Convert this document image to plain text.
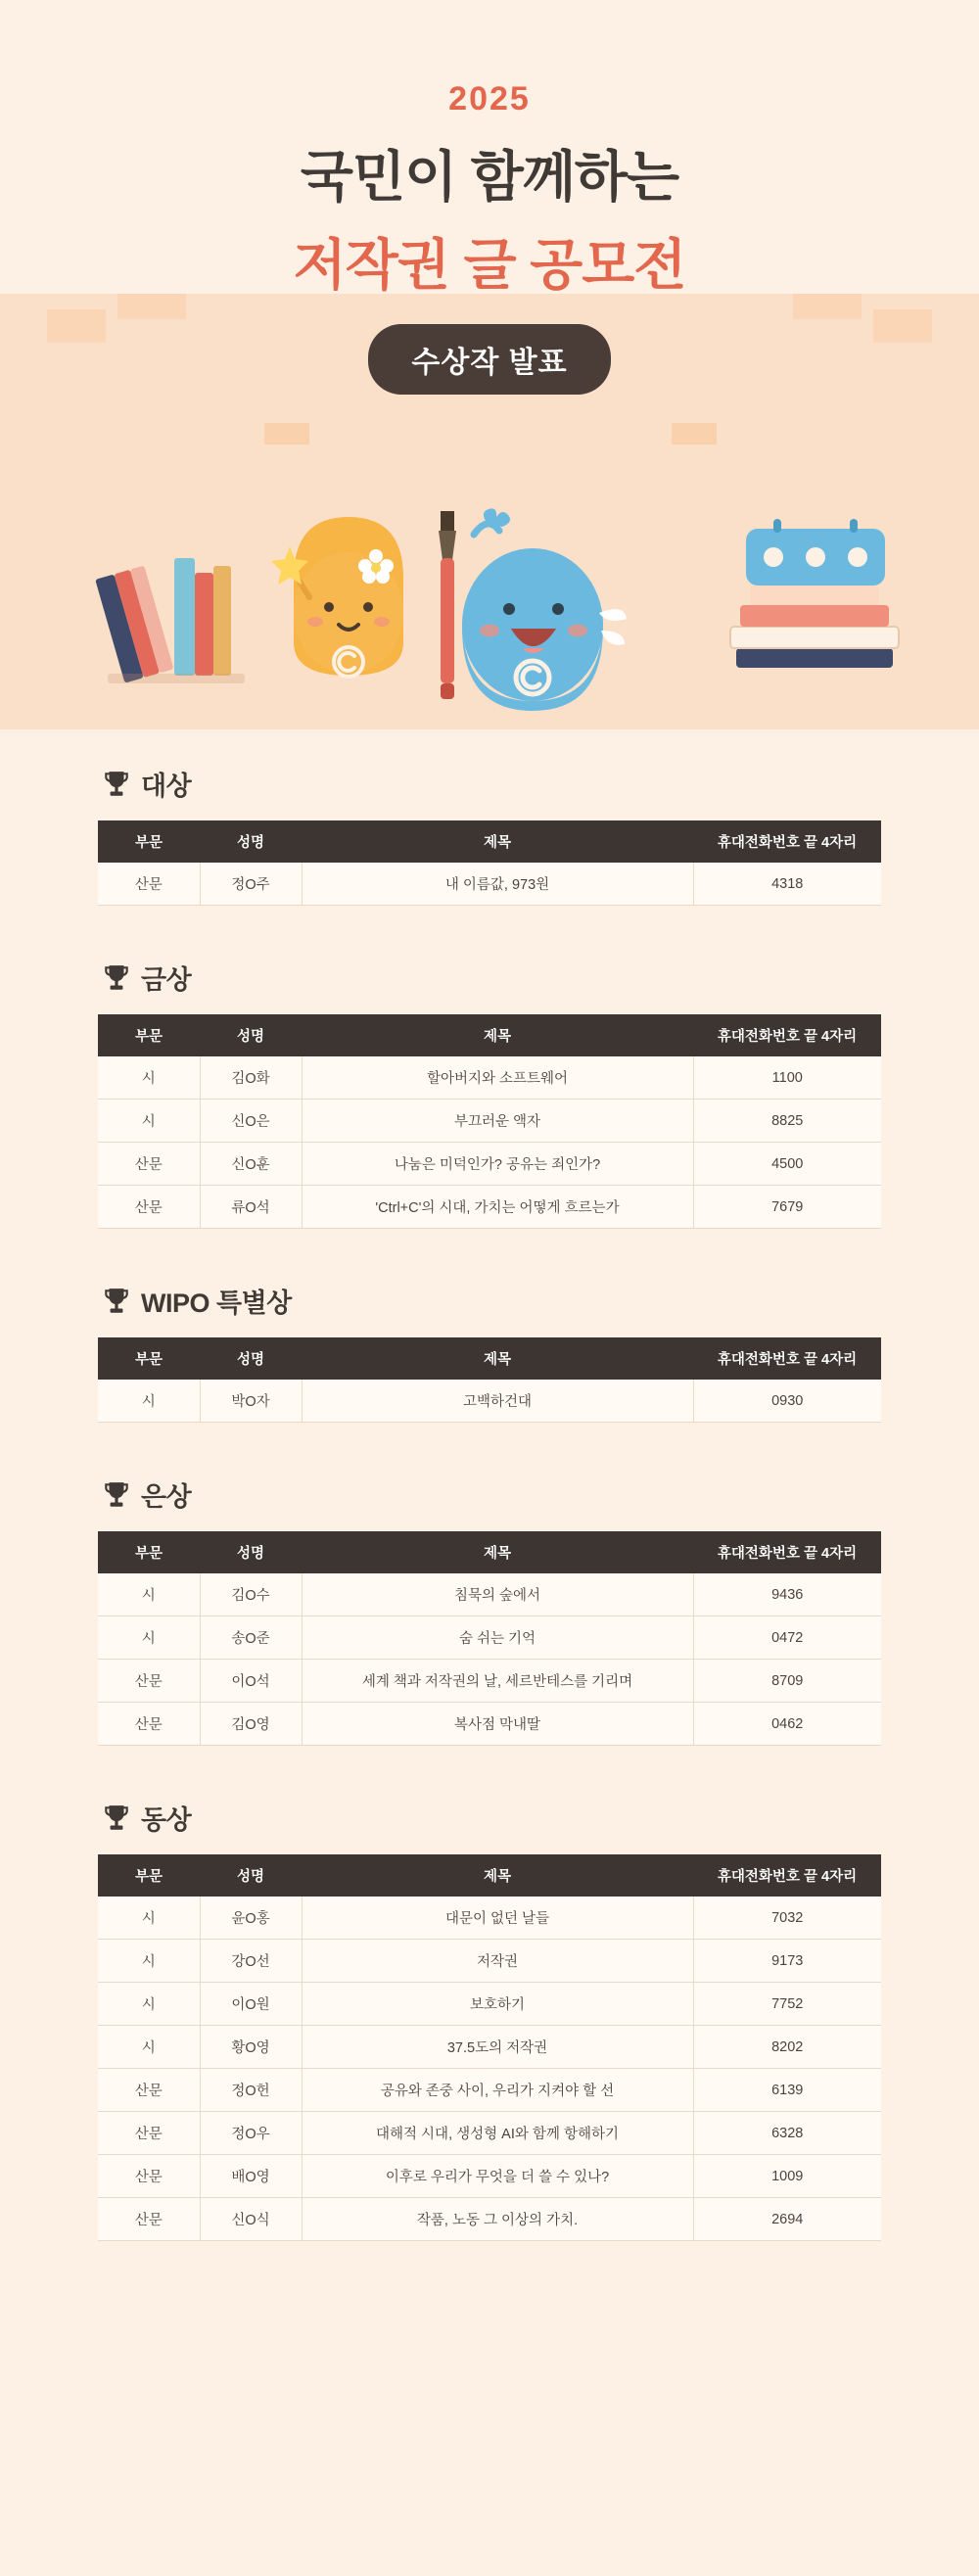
2025
국민이 함께하는
저작권 글 공모전
수상작 발표
대상
부문	성명	제목	휴대전화번호 끝 4자리
산문	정O주	내 이름값, 973원	4318
금상
부문	성명	제목	휴대전화번호 끝 4자리
시	김O화	할아버지와 소프트웨어	1100
시	신O은	부끄러운 액자	8825
산문	신O훈	나눔은 미덕인가? 공유는 죄인가?	4500
산문	류O석	'Ctrl+C'의 시대, 가치는 어떻게 흐르는가	7679
WIPO 특별상
부문	성명	제목	휴대전화번호 끝 4자리
시	박O자	고백하건대	0930
은상
부문	성명	제목	휴대전화번호 끝 4자리
시	김O수	침묵의 숲에서	9436
시	송O준	숨 쉬는 기억	0472
산문	이O석	세계 책과 저작권의 날, 세르반테스를 기리며	8709
산문	김O영	복사점 막내딸	0462
동상
부문	성명	제목	휴대전화번호 끝 4자리
시	윤O홍	대문이 없던 날들	7032
시	강O선	저작권	9173
시	이O원	보호하기	7752
시	황O영	37.5도의 저작권	8202
산문	정O헌	공유와 존중 사이, 우리가 지켜야 할 선	6139
산문	정O우	대해적 시대, 생성형 AI와 함께 항해하기	6328
산문	배O영	이후로 우리가 무엇을 더 쓸 수 있나?	1009
산문	신O식	작품, 노동 그 이상의 가치.	2694
